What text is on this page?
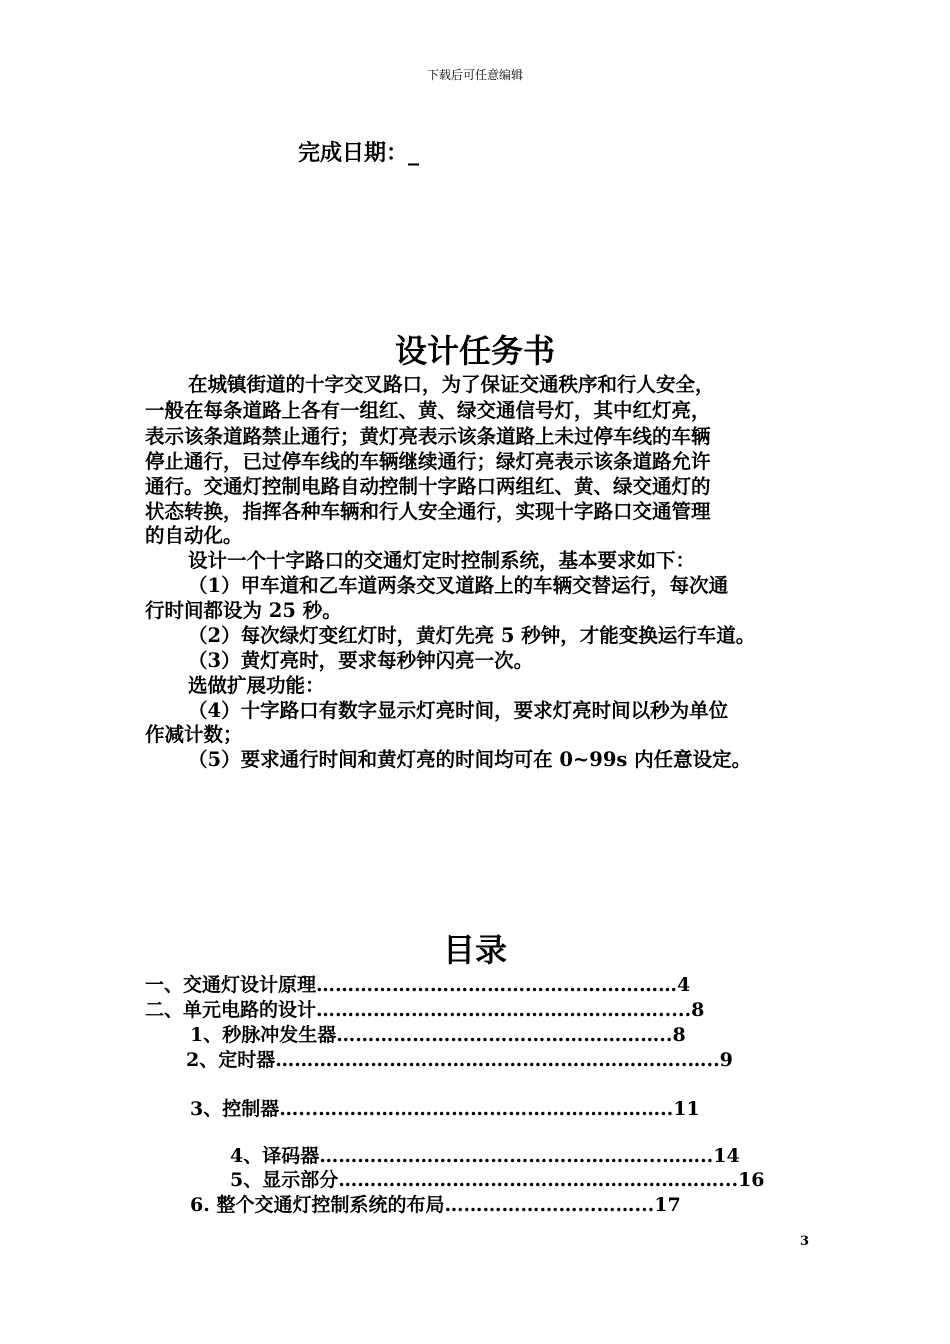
下载后可任意编辑
完成日期：_
设计任务书
在城镇街道的十字交叉路口，为了保证交通秩序和行人安全，
一般在每条道路上各有一组红、黄、绿交通信号灯，其中红灯亮，
表示该条道路禁止通行；黄灯亮表示该条道路上未过停车线的车辆
停止通行，已过停车线的车辆继续通行；绿灯亮表示该条道路允许
通行。交通灯控制电路自动控制十字路口两组红、黄、绿交通灯的
状态转换，指挥各种车辆和行人安全通行，实现十字路口交通管理
的自动化。
设计一个十字路口的交通灯定时控制系统，基本要求如下：
（1）甲车道和乙车道两条交叉道路上的车辆交替运行，每次通
行时间都设为 25 秒。
（2）每次绿灯变红灯时，黄灯先亮 5 秒钟，才能变换运行车道。
（3）黄灯亮时，要求每秒钟闪亮一次。
选做扩展功能：
（4）十字路口有数字显示灯亮时间，要求灯亮时间以秒为单位
作减计数；
（5）要求通行时间和黄灯亮的时间均可在 0~99s 内任意设定。
目录
一、交通灯设计原理…………………………………………………4
二、单元电路的设计……………………………………………….....8
1、秒脉冲发生器……………………………………………..8
2、定时器………………………………………………………..…..9
3、控制器…...………………………………………………..11
4、译码器……………………………………………...……..14
5、显示部分……………………………………………………...16
6. 整个交通灯控制系统的布局…………………………...17
3
